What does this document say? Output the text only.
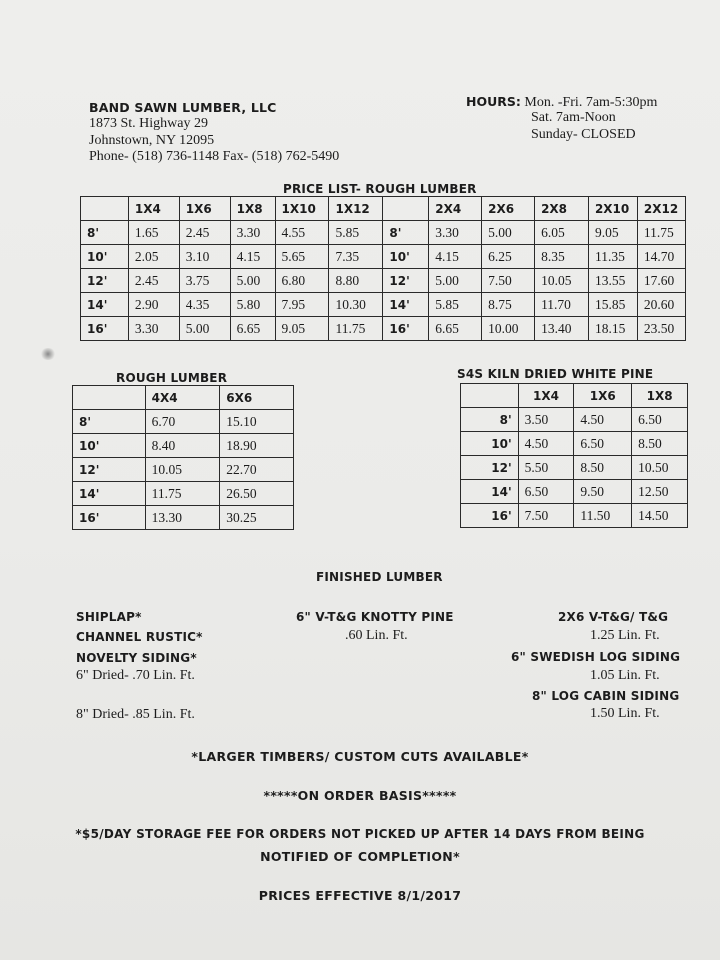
BAND SAWN LUMBER, LLC
1873 St. Highway 29
Johnstown, NY 12095
Phone- (518) 736-1148 Fax- (518) 762-5490
HOURS: Mon. -Fri. 7am-5:30pm
Sat. 7am-Noon
Sunday- CLOSED
PRICE LIST- ROUGH LUMBER
	1X4	1X6	1X8	1X10	1X12		2X4	2X6	2X8	2X10	2X12
8'	1.65	2.45	3.30	4.55	5.85	8'	3.30	5.00	6.05	9.05	11.75
10'	2.05	3.10	4.15	5.65	7.35	10'	4.15	6.25	8.35	11.35	14.70
12'	2.45	3.75	5.00	6.80	8.80	12'	5.00	7.50	10.05	13.55	17.60
14'	2.90	4.35	5.80	7.95	10.30	14'	5.85	8.75	11.70	15.85	20.60
16'	3.30	5.00	6.65	9.05	11.75	16'	6.65	10.00	13.40	18.15	23.50
ROUGH LUMBER
	4X4	6X6
8'	6.70	15.10
10'	8.40	18.90
12'	10.05	22.70
14'	11.75	26.50
16'	13.30	30.25
S4S KILN DRIED WHITE PINE
	1X4	1X6	1X8
8'	3.50	4.50	6.50
10'	4.50	6.50	8.50
12'	5.50	8.50	10.50
14'	6.50	9.50	12.50
16'	7.50	11.50	14.50
FINISHED LUMBER
SHIPLAP*
CHANNEL RUSTIC*
NOVELTY SIDING*
6" Dried- .70 Lin. Ft.
8" Dried- .85 Lin. Ft.
6" V-T&G KNOTTY PINE
.60 Lin. Ft.
2X6 V-T&G/ T&G
1.25 Lin. Ft.
6" SWEDISH LOG SIDING
1.05 Lin. Ft.
8" LOG CABIN SIDING
1.50 Lin. Ft.
*LARGER TIMBERS/ CUSTOM CUTS AVAILABLE*
*****ON ORDER BASIS*****
*$5/DAY STORAGE FEE FOR ORDERS NOT PICKED UP AFTER 14 DAYS FROM BEING
NOTIFIED OF COMPLETION*
PRICES EFFECTIVE 8/1/2017
